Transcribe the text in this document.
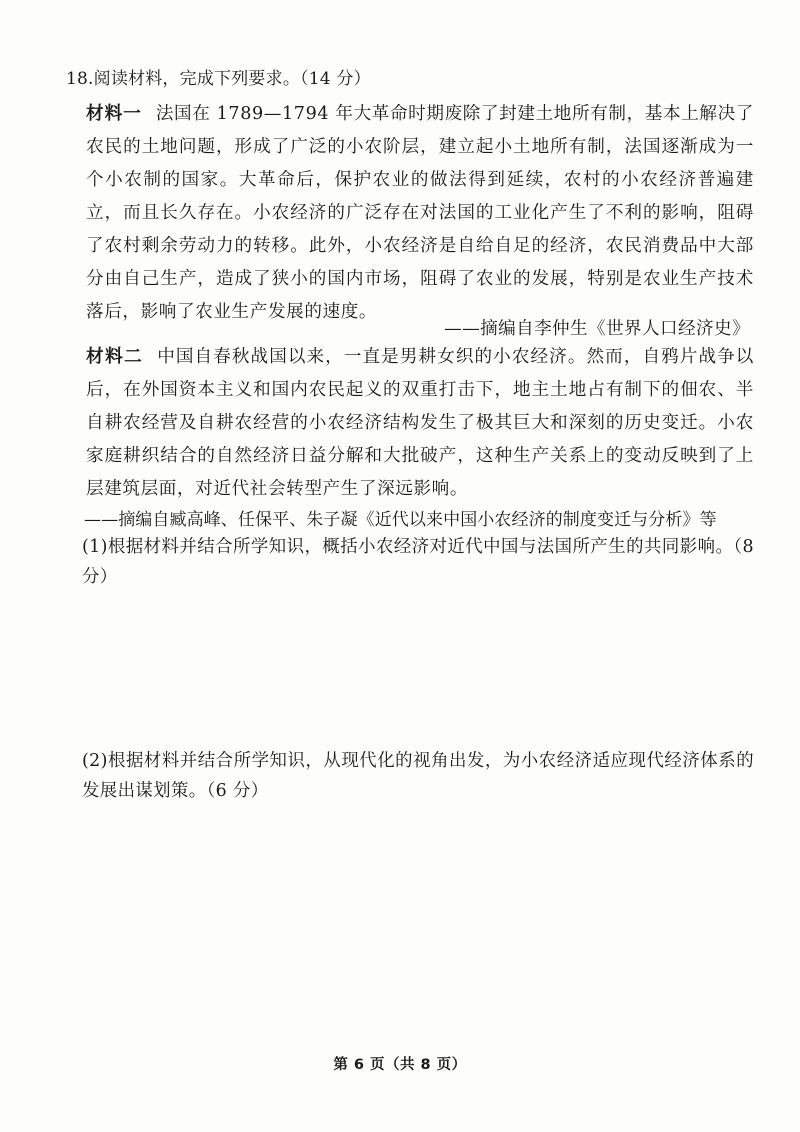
18.阅读材料，完成下列要求。（14 分）
材料一 法国在 1789—1794 年大革命时期废除了封建土地所有制，基本上解决了农民的土地问题，形成了广泛的小农阶层，建立起小土地所有制，法国逐渐成为一个小农制的国家。大革命后，保护农业的做法得到延续，农村的小农经济普遍建立，而且长久存在。小农经济的广泛存在对法国的工业化产生了不利的影响，阻碍了农村剩余劳动力的转移。此外，小农经济是自给自足的经济，农民消费品中大部分由自己生产，造成了狭小的国内市场，阻碍了农业的发展，特别是农业生产技术落后，影响了农业生产发展的速度。
——摘编自李仲生《世界人口经济史》
材料二 中国自春秋战国以来，一直是男耕女织的小农经济。然而，自鸦片战争以后，在外国资本主义和国内农民起义的双重打击下，地主土地占有制下的佃农、半自耕农经营及自耕农经营的小农经济结构发生了极其巨大和深刻的历史变迁。小农家庭耕织结合的自然经济日益分解和大批破产，这种生产关系上的变动反映到了上层建筑层面，对近代社会转型产生了深远影响。
——摘编自臧高峰、任保平、朱子凝《近代以来中国小农经济的制度变迁与分析》等
(1)根据材料并结合所学知识，概括小农经济对近代中国与法国所产生的共同影响。（8 分）
(2)根据材料并结合所学知识，从现代化的视角出发，为小农经济适应现代经济体系的发展出谋划策。（6 分）
第 6 页（共 8 页）
